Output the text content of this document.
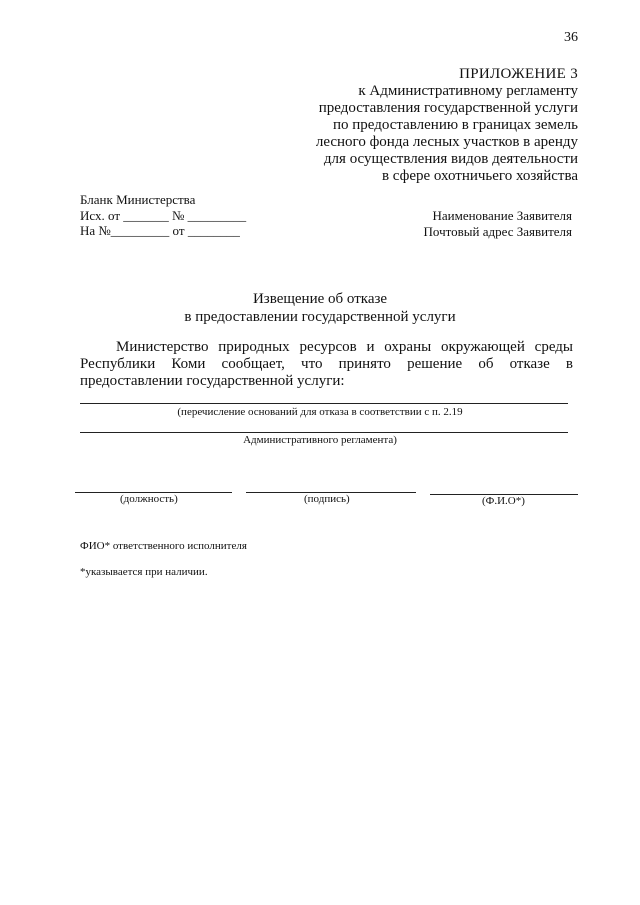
36
ПРИЛОЖЕНИЕ 3
к Административному регламенту
предоставления государственной услуги
по предоставлению в границах земель
лесного фонда лесных участков в аренду
для осуществления видов деятельности
в сфере охотничьего хозяйства
Бланк Министерства
Исх. от _______ № _________
На №_________ от ________
Наименование Заявителя
Почтовый адрес Заявителя
Извещение об отказе
в предоставлении государственной услуги
Министерство природных ресурсов и охраны окружающей среды Республики Коми сообщает, что принято решение об отказе в предоставлении государственной услуги:
(перечисление оснований для отказа в соответствии с п. 2.19
Административного регламента)
(должность)	(подпись)	(Ф.И.О*)
ФИО* ответственного исполнителя
*указывается при наличии.
